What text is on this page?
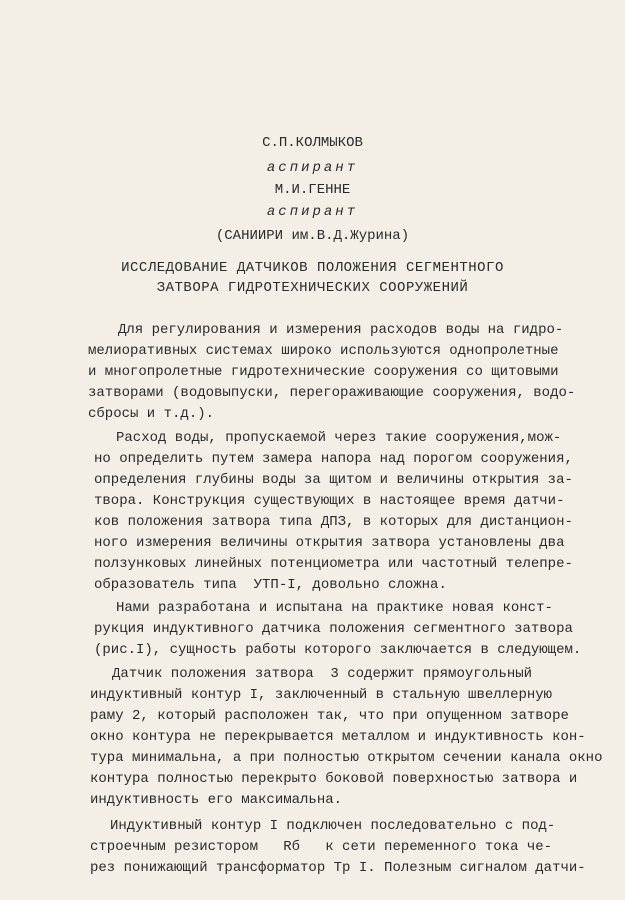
С.П.КОЛМЫКОВ
аспирант
М.И.ГЕННЕ
аспирант
(САНИИРИ им.В.Д.Журина)
ИССЛЕДОВАНИЕ ДАТЧИКОВ ПОЛОЖЕНИЯ СЕГМЕНТНОГО
ЗАТВОРА ГИДРОТЕХНИЧЕСКИХ СООРУЖЕНИЙ
Для регулирования и измерения расходов воды на гидро-
мелиоративных системах широко используются однопролетные
и многопролетные гидротехнические сооружения со щитовыми
затворами (водовыпуски, перегораживающие сооружения, водо-
сбросы и т.д.).
Расход воды, пропускаемой через такие сооружения,мож-
но определить путем замера напора над порогом сооружения,
определения глубины воды за щитом и величины открытия за-
твора. Конструкция существующих в настоящее время датчи-
ков положения затвора типа ДПЗ, в которых для дистанцион-
ного измерения величины открытия затвора установлены два
ползунковых линейных потенциометра или частотный телепре-
образователь типа  УТП-I, довольно сложна.
Нами разработана и испытана на практике новая конст-
рукция индуктивного датчика положения сегментного затвора
(рис.I), сущность работы которого заключается в следующем.
Датчик положения затвора  3 содержит прямоугольный
индуктивный контур I, заключенный в стальную швеллерную
раму 2, который расположен так, что при опущенном затворе
окно контура не перекрывается металлом и индуктивность кон-
тура минимальна, а при полностью открытом сечении канала окно
контура полностью перекрыто боковой поверхностью затвора и
индуктивность его максимальна.
Индуктивный контур I подключен последовательно с под-
строечным резистором   Rб   к сети переменного тока че-
рез понижающий трансформатор Тр I. Полезным сигналом датчи-
